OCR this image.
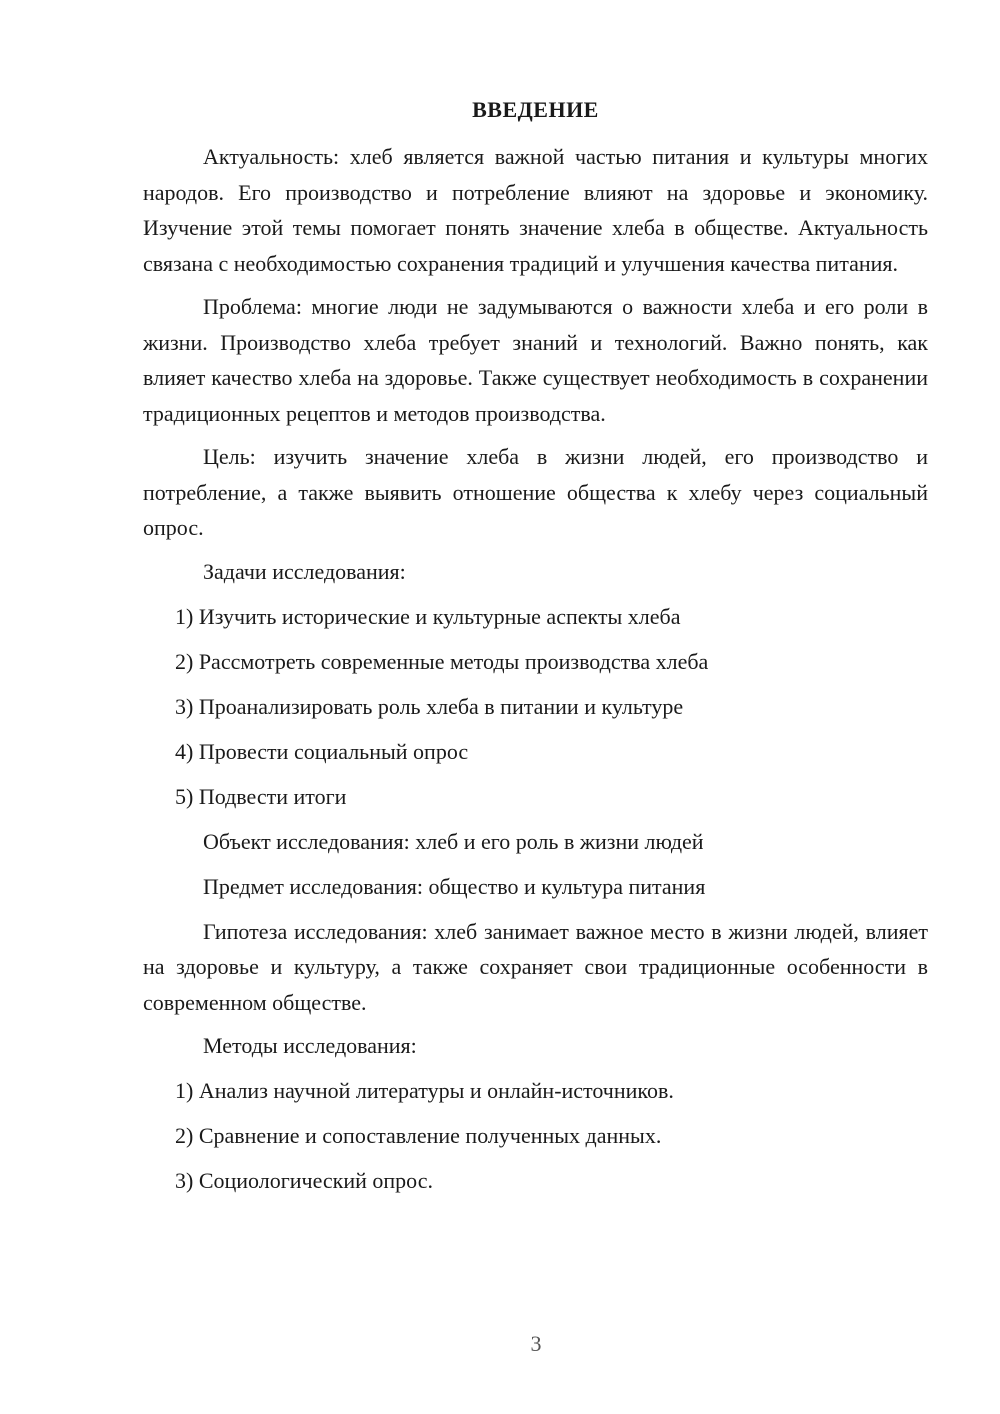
ВВЕДЕНИЕ

Актуальность: хлеб является важной частью питания и культуры многих народов. Его производство и потребление влияют на здоровье и экономику. Изучение этой темы помогает понять значение хлеба в обществе. Актуальность связана с необходимостью сохранения традиций и улучшения качества питания.

Проблема: многие люди не задумываются о важности хлеба и его роли в жизни. Производство хлеба требует знаний и технологий. Важно понять, как влияет качество хлеба на здоровье. Также существует необходимость в сохранении традиционных рецептов и методов производства.

Цель: изучить значение хлеба в жизни людей, его производство и потребление, а также выявить отношение общества к хлебу через социальный опрос.

Задачи исследования:
1) Изучить исторические и культурные аспекты хлеба
2) Рассмотреть современные методы производства хлеба
3) Проанализировать роль хлеба в питании и культуре
4) Провести социальный опрос
5) Подвести итоги
Объект исследования: хлеб и его роль в жизни людей
Предмет исследования: общество и культура питания

Гипотеза исследования: хлеб занимает важное место в жизни людей, влияет на здоровье и культуру, а также сохраняет свои традиционные особенности в современном обществе.

Методы исследования:
1) Анализ научной литературы и онлайн-источников.
2) Сравнение и сопоставление полученных данных.
3) Социологический опрос.
3
